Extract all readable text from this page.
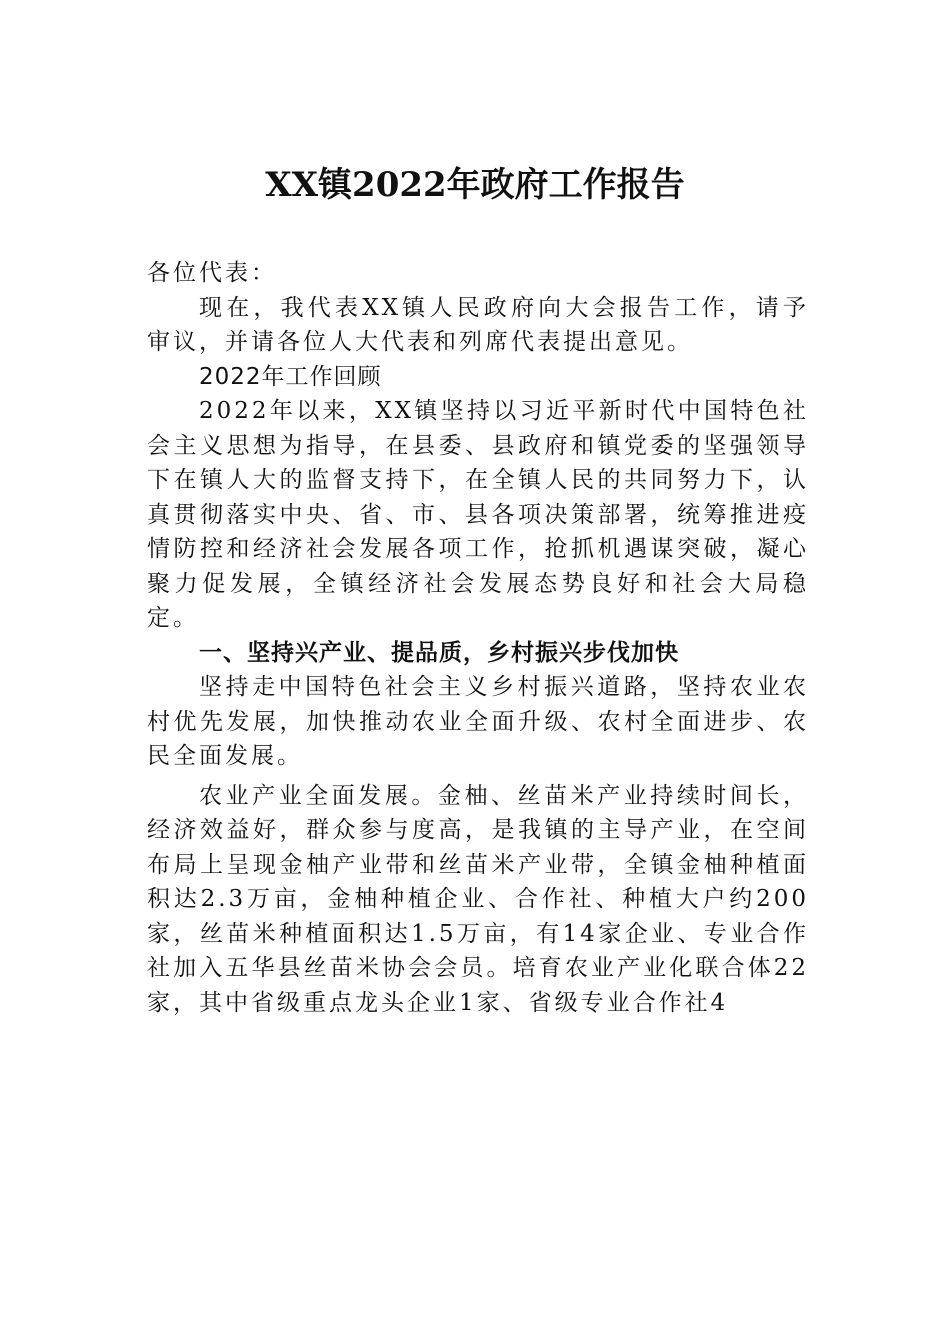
XX镇2022年政府工作报告

各位代表：

现在，我代表XX镇人民政府向大会报告工作，请予审议，并请各位人大代表和列席代表提出意见。

2022年工作回顾

2022年以来，XX镇坚持以习近平新时代中国特色社会主义思想为指导，在县委、县政府和镇党委的坚强领导下在镇人大的监督支持下，在全镇人民的共同努力下，认真贯彻落实中央、省、市、县各项决策部署，统筹推进疫情防控和经济社会发展各项工作，抢抓机遇谋突破，凝心聚力促发展，全镇经济社会发展态势良好和社会大局稳定。

一、坚持兴产业、提品质，乡村振兴步伐加快

坚持走中国特色社会主义乡村振兴道路，坚持农业农村优先发展，加快推动农业全面升级、农村全面进步、农民全面发展。

农业产业全面发展。金柚、丝苗米产业持续时间长，经济效益好，群众参与度高，是我镇的主导产业，在空间布局上呈现金柚产业带和丝苗米产业带，全镇金柚种植面积达2.3万亩，金柚种植企业、合作社、种植大户约200家，丝苗米种植面积达1.5万亩，有14家企业、专业合作社加入五华县丝苗米协会会员。培育农业产业化联合体22家，其中省级重点龙头企业1家、省级专业合作社4
